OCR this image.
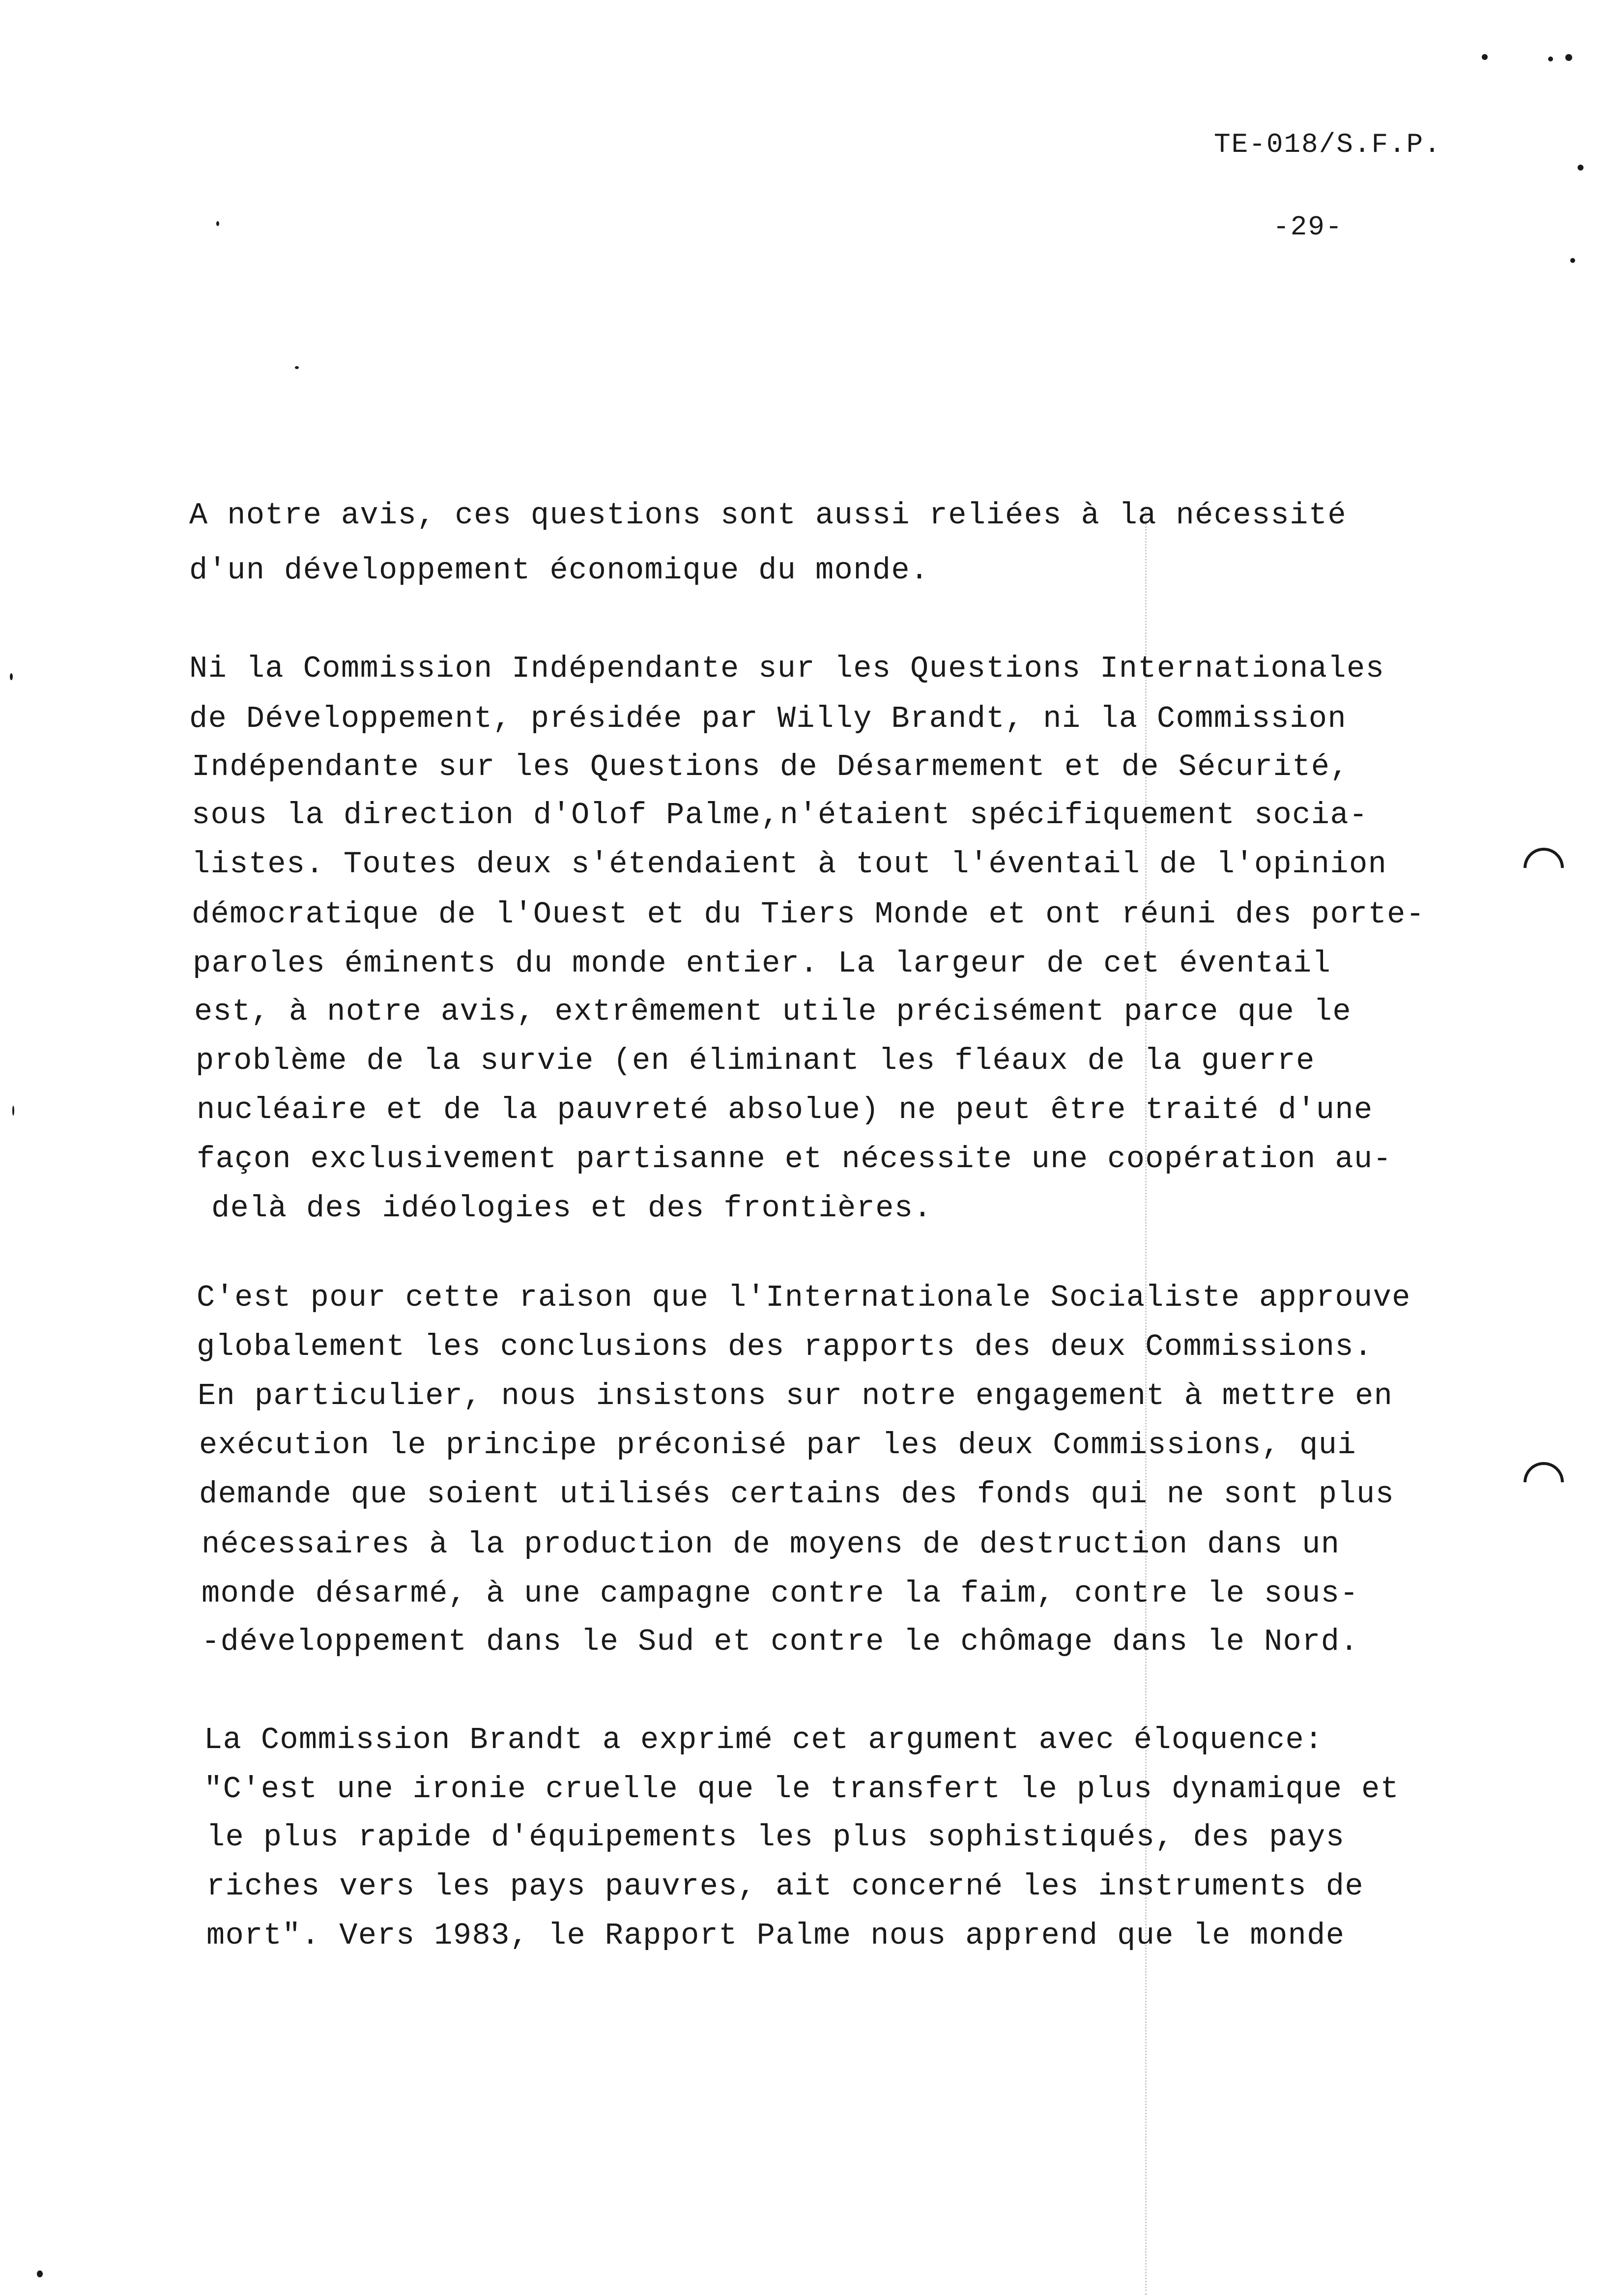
TE-018/S.F.P.
-29-
A notre avis, ces questions sont aussi reliées à la nécessité
d'un développement économique du monde.
Ni la Commission Indépendante sur les Questions Internationales
de Développement, présidée par Willy Brandt, ni la Commission
Indépendante sur les Questions de Désarmement et de Sécurité,
sous la direction d'Olof Palme,n'étaient spécifiquement socia-
listes. Toutes deux s'étendaient à tout l'éventail de l'opinion
démocratique de l'Ouest et du Tiers Monde et ont réuni des porte-
paroles éminents du monde entier. La largeur de cet éventail
est, à notre avis, extrêmement utile précisément parce que le
problème de la survie (en éliminant les fléaux de la guerre
nucléaire et de la pauvreté absolue) ne peut être traité d'une
façon exclusivement partisanne et nécessite une coopération au-
delà des idéologies et des frontières.
C'est pour cette raison que l'Internationale Socialiste approuve
globalement les conclusions des rapports des deux Commissions.
En particulier, nous insistons sur notre engagement à mettre en
exécution le principe préconisé par les deux Commissions, qui
demande que soient utilisés certains des fonds qui ne sont plus
nécessaires à la production de moyens de destruction dans un
monde désarmé, à une campagne contre la faim, contre le sous-
-développement dans le Sud et contre le chômage dans le Nord.
La Commission Brandt a exprimé cet argument avec éloquence:
"C'est une ironie cruelle que le transfert le plus dynamique et
le plus rapide d'équipements les plus sophistiqués, des pays
riches vers les pays pauvres, ait concerné les instruments de
mort". Vers 1983, le Rapport Palme nous apprend que le monde
